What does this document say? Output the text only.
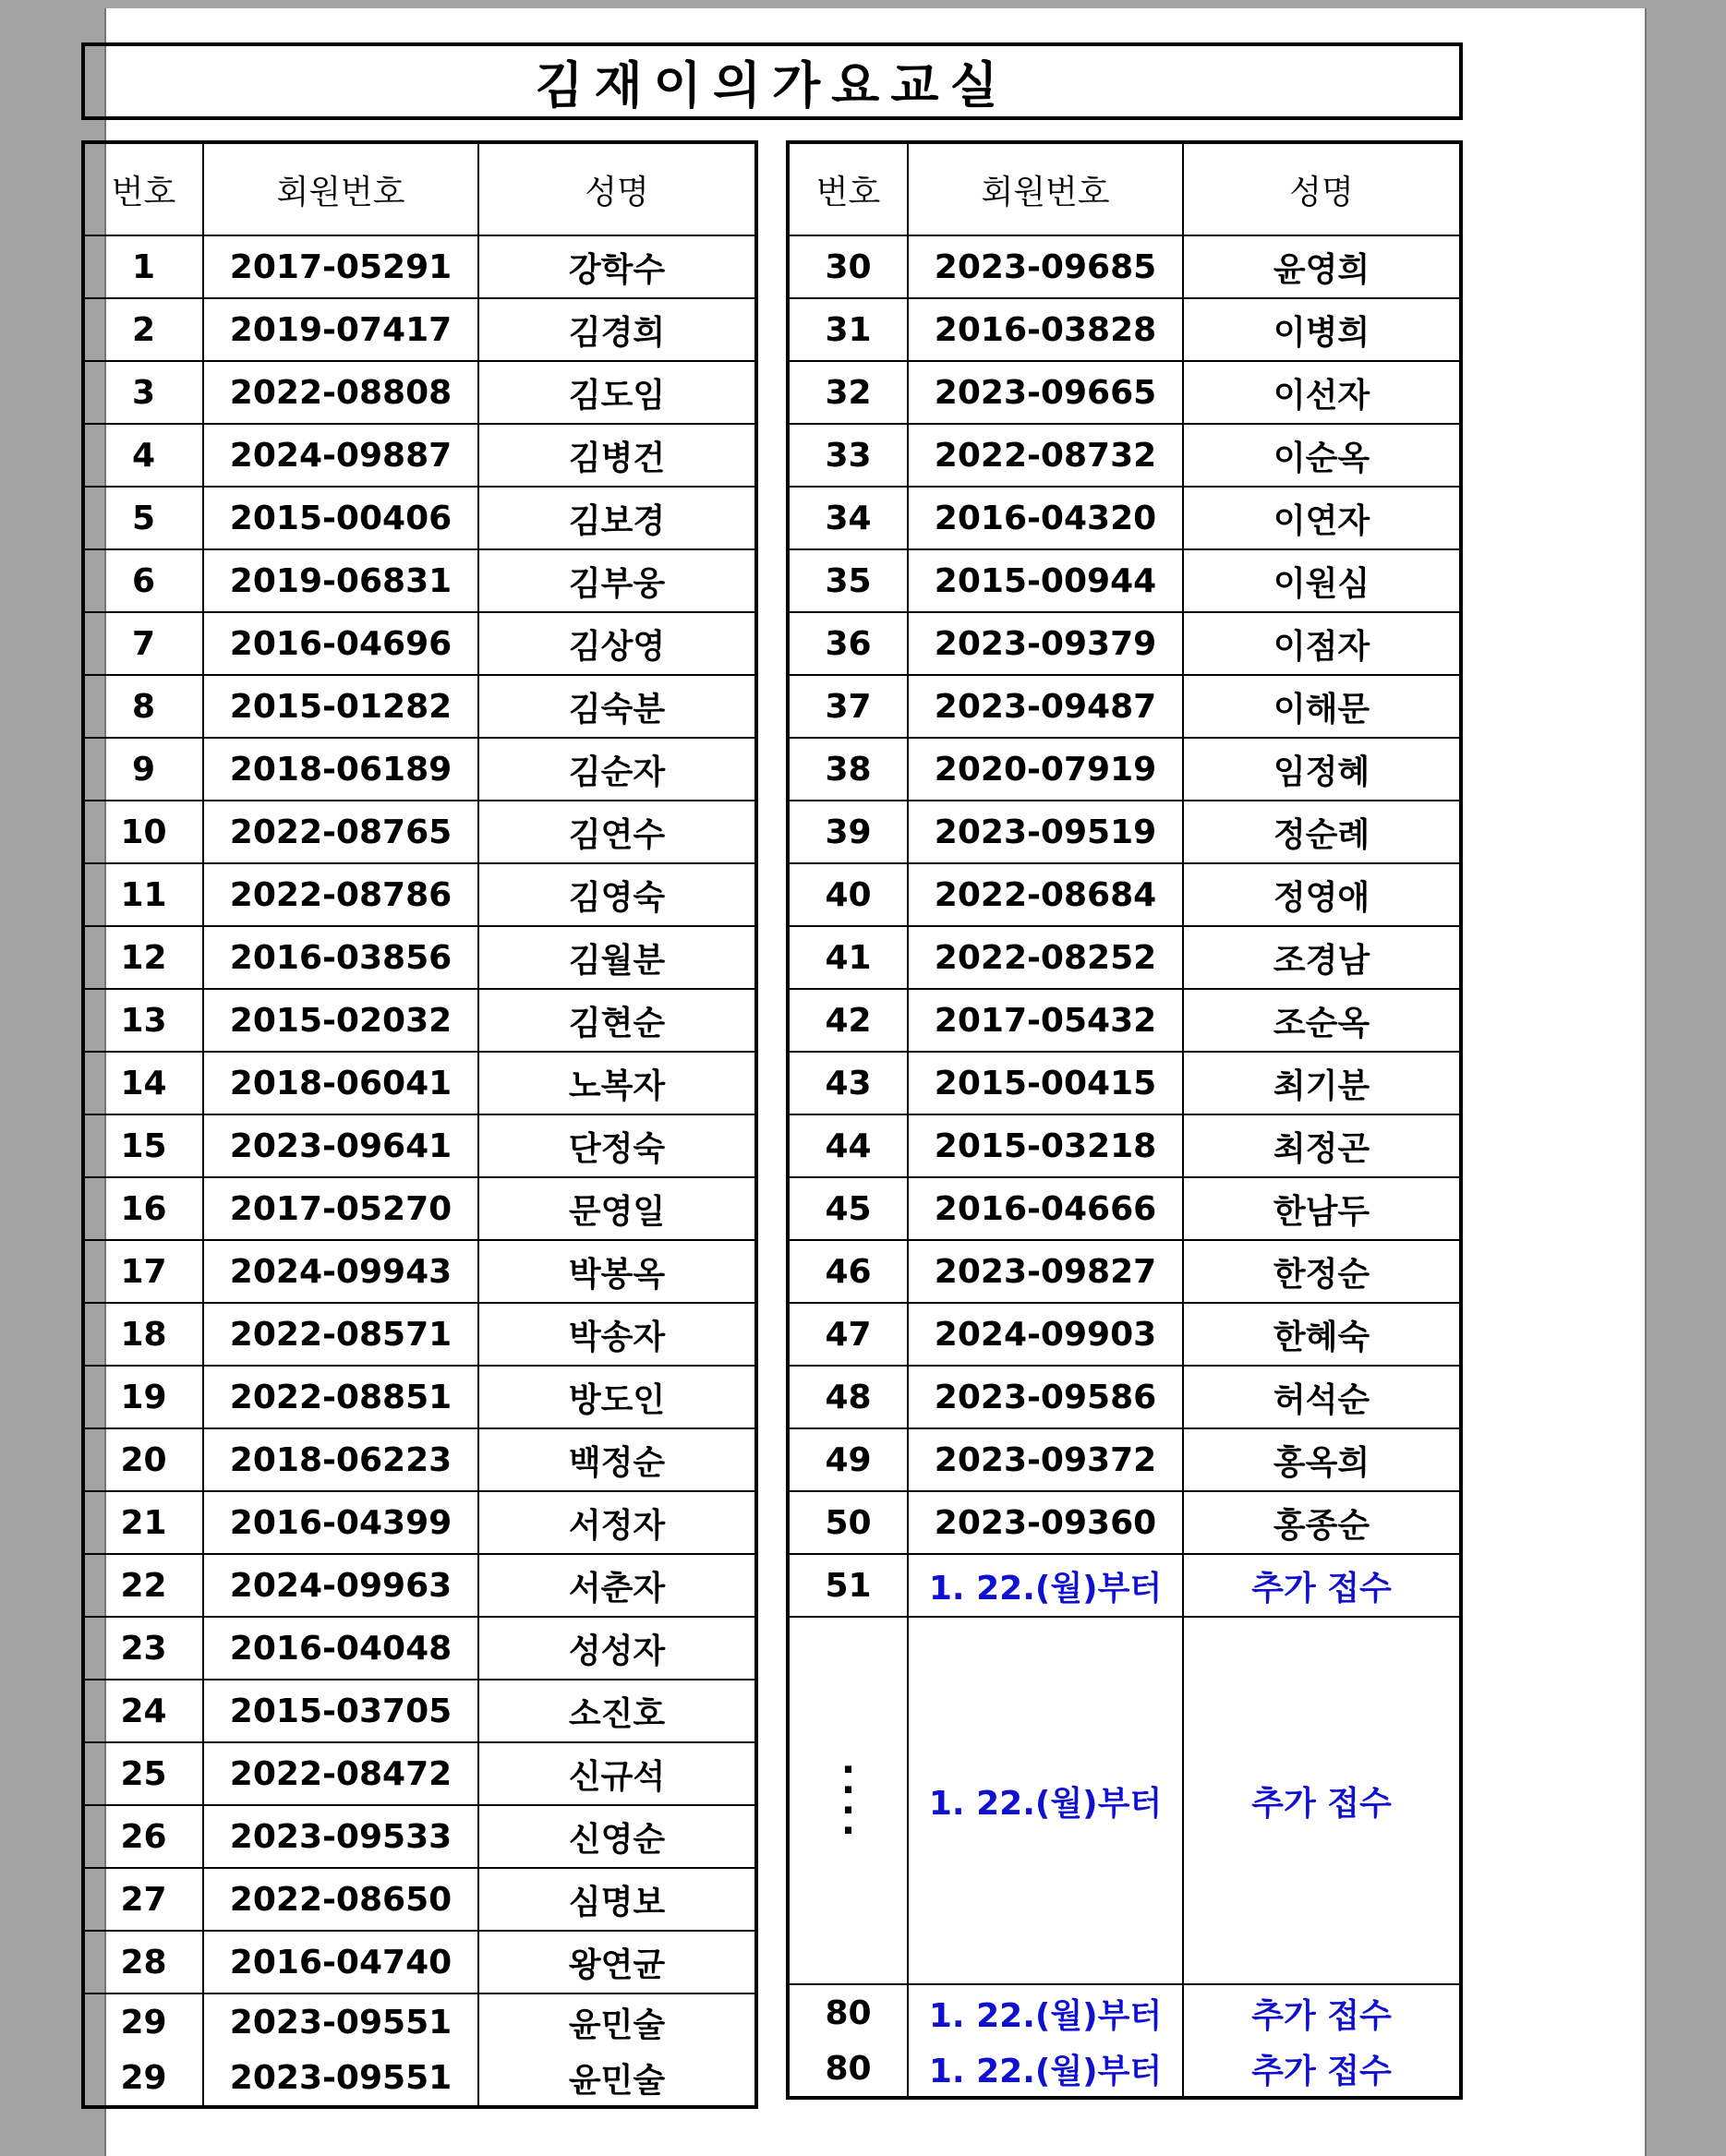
김재이의가요교실
번호	회원번호	성명
1	2017-05291	강학수
2	2019-07417	김경희
3	2022-08808	김도임
4	2024-09887	김병건
5	2015-00406	김보경
6	2019-06831	김부웅
7	2016-04696	김상영
8	2015-01282	김숙분
9	2018-06189	김순자
10	2022-08765	김연수
11	2022-08786	김영숙
12	2016-03856	김월분
13	2015-02032	김현순
14	2018-06041	노복자
15	2023-09641	단정숙
16	2017-05270	문영일
17	2024-09943	박봉옥
18	2022-08571	박송자
19	2022-08851	방도인
20	2018-06223	백정순
21	2016-04399	서정자
22	2024-09963	서춘자
23	2016-04048	성성자
24	2015-03705	소진호
25	2022-08472	신규석
26	2023-09533	신영순
27	2022-08650	심명보
28	2016-04740	왕연균
29	2023-09551	윤민술
29	2023-09551	윤민술
번호	회원번호	성명
30	2023-09685	윤영희
31	2016-03828	이병희
32	2023-09665	이선자
33	2022-08732	이순옥
34	2016-04320	이연자
35	2015-00944	이원심
36	2023-09379	이점자
37	2023-09487	이해문
38	2020-07919	임정혜
39	2023-09519	정순례
40	2022-08684	정영애
41	2022-08252	조경남
42	2017-05432	조순옥
43	2015-00415	최기분
44	2015-03218	최정곤
45	2016-04666	한남두
46	2023-09827	한정순
47	2024-09903	한혜숙
48	2023-09586	허석순
49	2023-09372	홍옥희
50	2023-09360	홍종순
51	1. 22.(월)부터	추가 접수
·
·
·
·	1. 22.(월)부터	추가 접수
80	1. 22.(월)부터	추가 접수
80	1. 22.(월)부터	추가 접수
